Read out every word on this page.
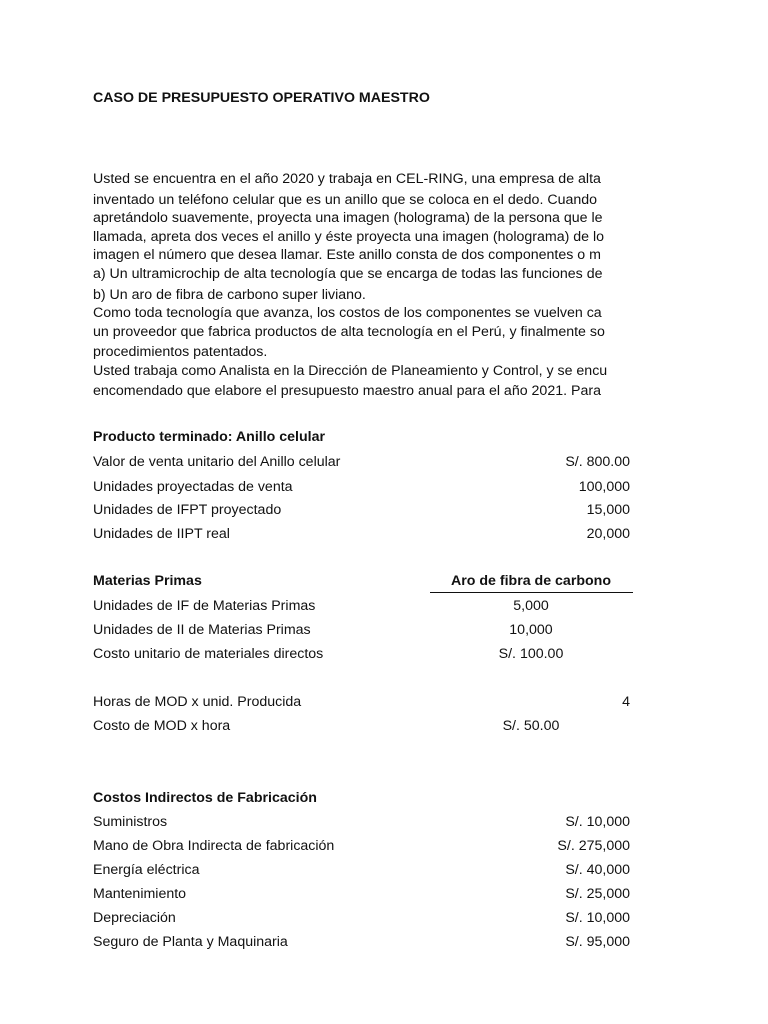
CASO DE PRESUPUESTO OPERATIVO MAESTRO
Usted se encuentra en el año 2020 y trabaja en CEL-RING, una empresa de alta
inventado un teléfono celular que es un anillo que se coloca en el dedo. Cuando
apretándolo suavemente, proyecta una imagen (holograma) de la persona que le
llamada, apreta dos veces el anillo y éste proyecta una imagen (holograma) de lo
imagen el número que desea llamar. Este anillo consta de dos componentes o m
a) Un ultramicrochip de alta tecnología que se encarga de todas las funciones de
b) Un aro de fibra de carbono super liviano.
Como toda tecnología que avanza, los costos de los componentes se vuelven ca
un proveedor que fabrica productos de alta tecnología en el Perú, y finalmente so
procedimientos patentados.
Usted trabaja como Analista en la Dirección de Planeamiento y Control, y se encu
encomendado que elabore el presupuesto maestro anual para el año 2021. Para
Producto terminado: Anillo celular
Valor de venta unitario del Anillo celular	S/. 800.00
Unidades proyectadas de venta	100,000
Unidades de IFPT proyectado	15,000
Unidades de IIPT real	20,000
Materias Primas	Aro de fibra de carbono
Unidades de IF de Materias Primas	5,000
Unidades de II de Materias Primas	10,000
Costo unitario de materiales directos	S/. 100.00
Horas de MOD x unid. Producida	4
Costo de MOD x hora	S/. 50.00
Costos Indirectos de Fabricación
Suministros	S/. 10,000
Mano de Obra Indirecta de fabricación	S/. 275,000
Energía eléctrica	S/. 40,000
Mantenimiento	S/. 25,000
Depreciación	S/. 10,000
Seguro de Planta y Maquinaria	S/. 95,000
